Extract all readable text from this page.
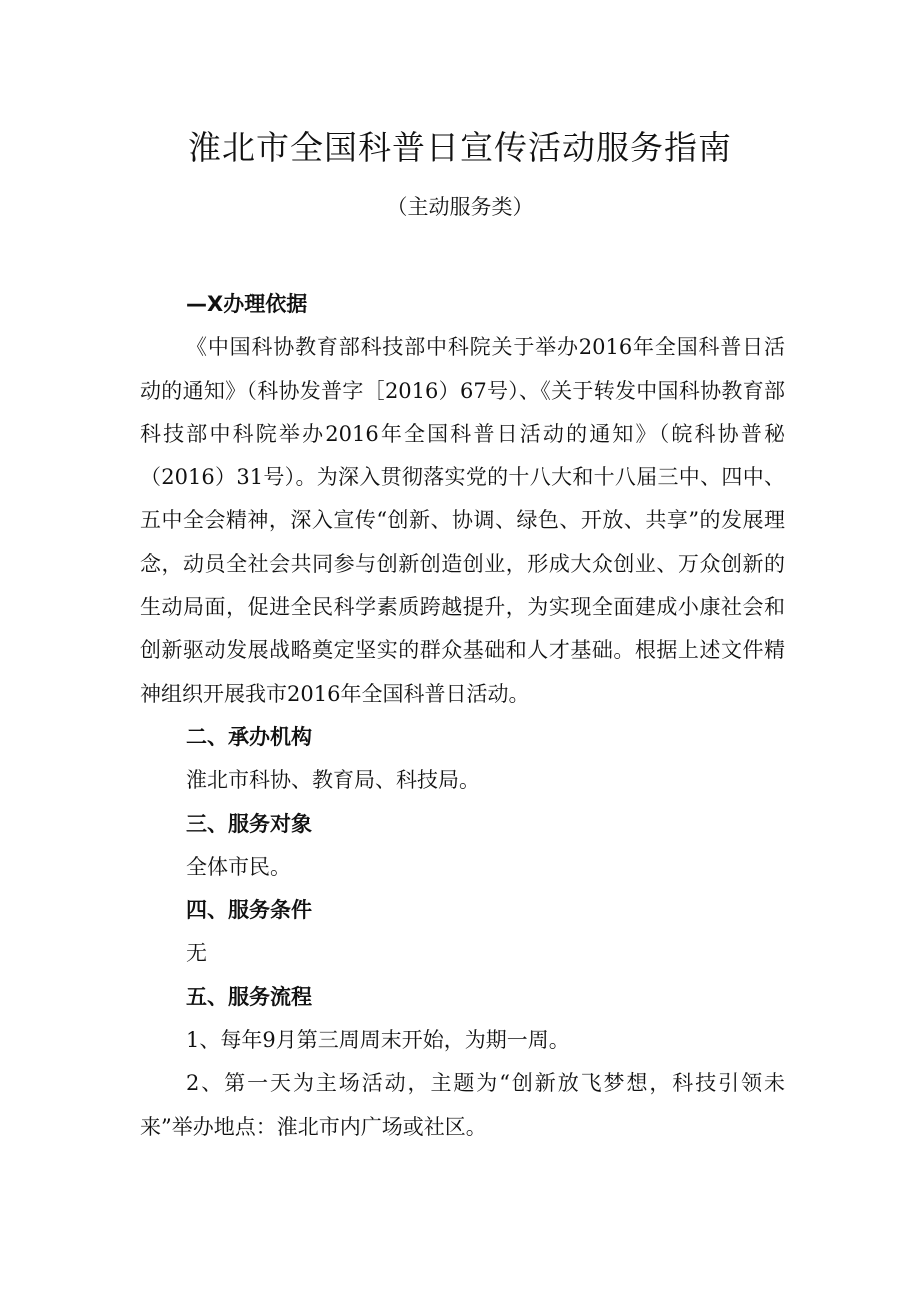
淮北市全国科普日宣传活动服务指南
（主动服务类）

—X办理依据

《中国科协教育部科技部中科院关于举办2016年全国科普日活动的通知》（科协发普字［2016）67号）、《关于转发中国科协教育部科技部中科院举办2016年全国科普日活动的通知》（皖科协普秘（2016）31号）。为深入贯彻落实党的十八大和十八届三中、四中、五中全会精神，深入宣传“创新、协调、绿色、开放、共享”的发展理念，动员全社会共同参与创新创造创业，形成大众创业、万众创新的生动局面，促进全民科学素质跨越提升，为实现全面建成小康社会和创新驱动发展战略奠定坚实的群众基础和人才基础。根据上述文件精神组织开展我市2016年全国科普日活动。

二、承办机构

淮北市科协、教育局、科技局。

三、服务对象

全体市民。

四、服务条件

无

五、服务流程

1、每年9月第三周周末开始，为期一周。

2、第一天为主场活动，主题为“创新放飞梦想，科技引领未来”举办地点：淮北市内广场或社区。
